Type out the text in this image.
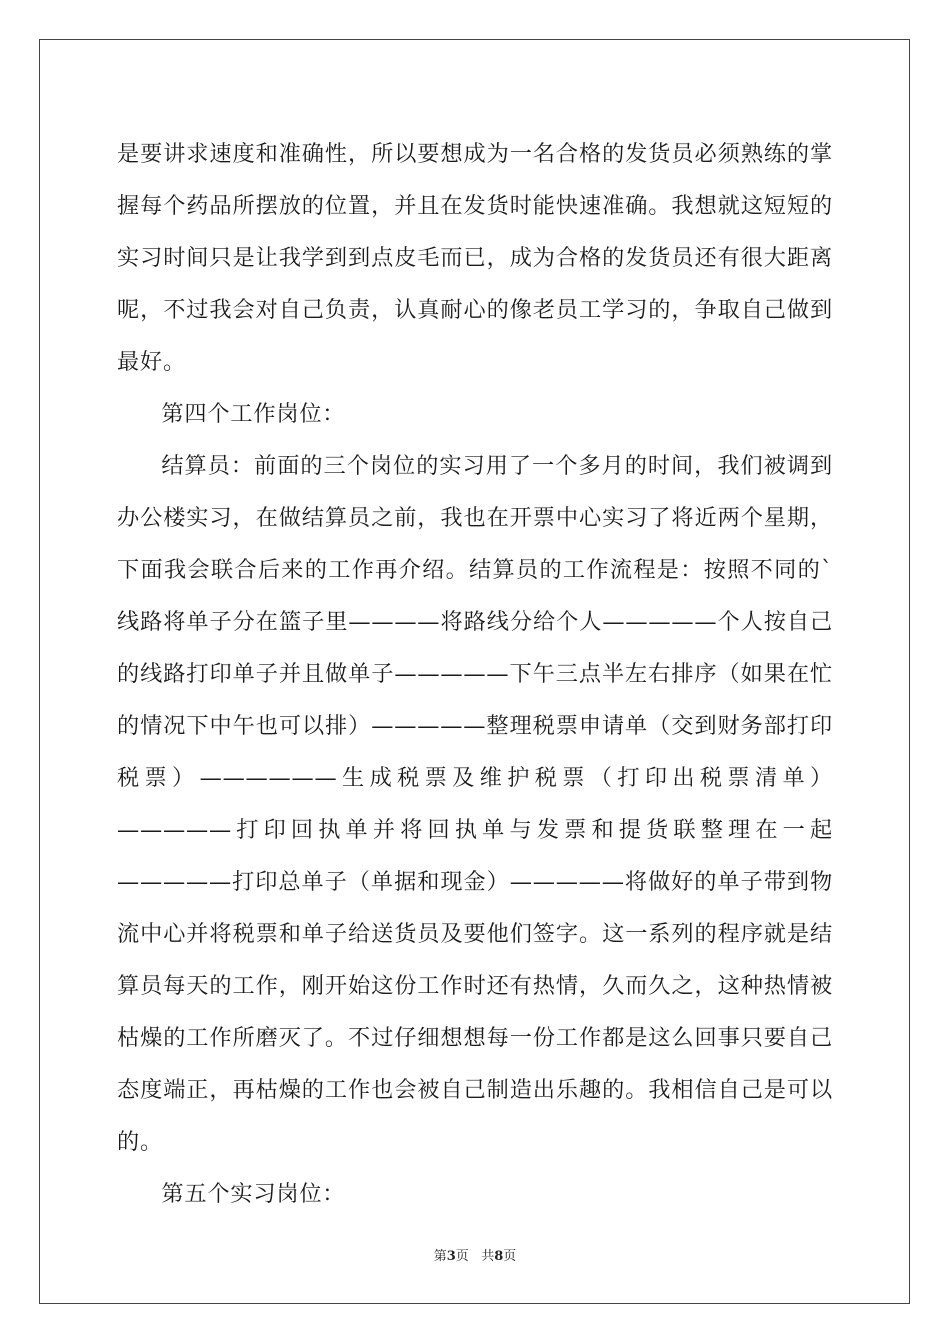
是要讲求速度和准确性，所以要想成为一名合格的发货员必须熟练的掌握每个药品所摆放的位置，并且在发货时能快速准确。我想就这短短的实习时间只是让我学到到点皮毛而已，成为合格的发货员还有很大距离呢，不过我会对自己负责，认真耐心的像老员工学习的，争取自己做到最好。

第四个工作岗位：

结算员：前面的三个岗位的实习用了一个多月的时间，我们被调到办公楼实习，在做结算员之前，我也在开票中心实习了将近两个星期，下面我会联合后来的工作再介绍。结算员的工作流程是：按照不同的`线路将单子分在篮子里————将路线分给个人—————个人按自己的线路打印单子并且做单子—————下午三点半左右排序（如果在忙的情况下中午也可以排）—————整理税票申请单（交到财务部打印税票）——————生成税票及维护税票（打印出税票清单）—————打印回执单并将回执单与发票和提货联整理在一起—————打印总单子（单据和现金）—————将做好的单子带到物流中心并将税票和单子给送货员及要他们签字。这一系列的程序就是结算员每天的工作，刚开始这份工作时还有热情，久而久之，这种热情被枯燥的工作所磨灭了。不过仔细想想每一份工作都是这么回事只要自己态度端正，再枯燥的工作也会被自己制造出乐趣的。我相信自己是可以的。

第五个实习岗位：

第3页 共8页
